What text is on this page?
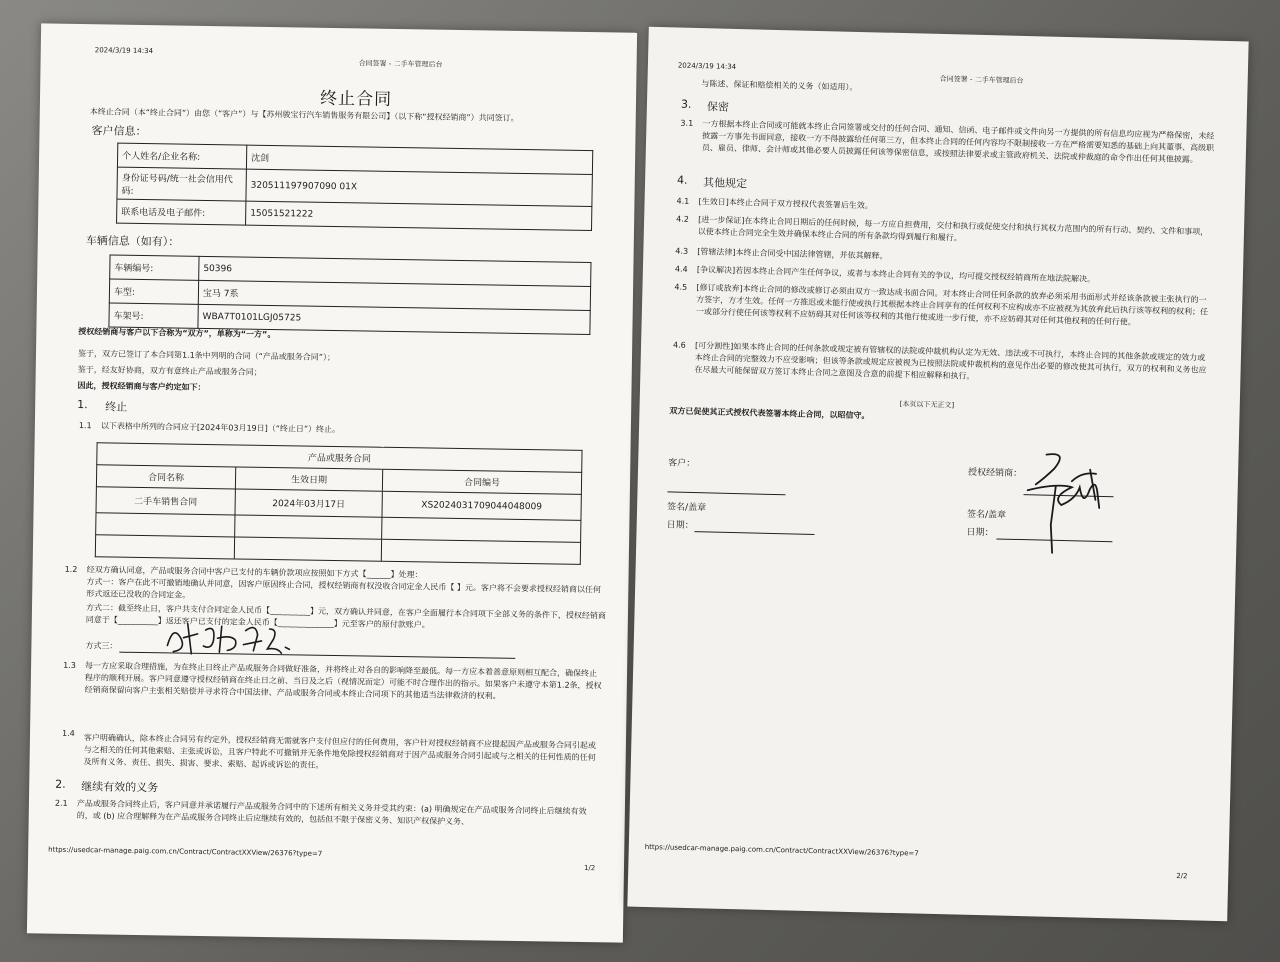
2024/3/19 14:34
合同签署 - 二手车管理后台
终止合同
本终止合同（本“终止合同”）由您（“客户”）与【苏州骏宝行汽车销售服务有限公司】（以下称“授权经销商”）共同签订。
客户信息：
个人姓名/企业名称:	沈剑
身份证号码/统一社会信用代码:	320511197907090 01X
联系电话及电子邮件:	15051521222
车辆信息（如有）：
车辆编号:	50396
车型:	宝马 7系
车架号:	WBA7T0101LGJ05725
授权经销商与客户以下合称为“双方”，单称为“一方”。
鉴于，双方已签订了本合同第1.1条中列明的合同（“产品或服务合同”）；
鉴于，经友好协商，双方有意终止产品或服务合同；
因此，授权经销商与客户约定如下：
1. 终止
1.1 以下表格中所列的合同应于[2024年03月19日]（“终止日”）终止。
产品或服务合同		
合同名称	生效日期	合同编号
二手车销售合同	2024年03月17日	XS2024031709044048009

1.2 经双方确认同意，产品或服务合同中客户已支付的车辆价款项应按照如下方式【______】处理：
方式一：客户在此不可撤销地确认并同意，因客户原因终止合同，授权经销商有权没收合同定金人民币【 】元。客户将不会要求授权经销商以任何形式返还已没收的合同定金。
方式二：截至终止日，客户共支付合同定金人民币【__________】元，双方确认并同意，在客户全面履行本合同项下全部义务的条件下，授权经销商同意于【__________】返还客户已支付的定金人民币【______________】元至客户的原付款账户。
方式三：
1.3 每一方应采取合理措施，为在终止日终止产品或服务合同做好准备，并将终止对各自的影响降至最低。每一方应本着善意原则相互配合，确保终止程序的顺利开展。客户同意遵守授权经销商在终止日之前、当日及之后（视情况而定）可能不时合理作出的指示。如果客户未遵守本第1.2条，授权经销商保留向客户主张相关赔偿并寻求符合中国法律、产品或服务合同或本终止合同项下的其他适当法律救济的权利。
1.4 客户明确确认，除本终止合同另有约定外，授权经销商无需就客户支付但应付的任何费用，客户针对授权经销商不应提起因产品或服务合同引起或与之相关的任何其他索赔、主张或诉讼，且客户特此不可撤销并无条件地免除授权经销商对于因产品或服务合同引起或与之相关的任何性质的任何及所有义务、责任、损失、损害、要求、索赔、起诉或诉讼的责任。
2. 继续有效的义务
2.1 产品或服务合同终止后，客户同意并承诺履行产品或服务合同中的下述所有相关义务并受其约束：(a) 明确规定在产品或服务合同终止后继续有效的，或 (b) 应合理解释为在产品或服务合同终止后应继续有效的，包括但不限于保密义务、知识产权保护义务、
https://usedcar-manage.paig.com.cn/Contract/ContractXXView/26376?type=7
1/2
2024/3/19 14:34
合同签署 - 二手车管理后台
与陈述、保证和赔偿相关的义务（如适用）。
3. 保密
3.1 一方根据本终止合同或可能就本终止合同签署或交付的任何合同、通知、信函、电子邮件或文件向另一方提供的所有信息均应视为严格保密，未经披露一方事先书面同意，接收一方不得披露给任何第三方，但本终止合同的任何内容均不限制接收一方在严格需要知悉的基础上向其董事、高级职员、雇员、律师、会计师或其他必要人员披露任何该等保密信息，或按照法律要求或主管政府机关、法院或仲裁庭的命令作出任何其他披露。
4. 其他规定
4.1 [生效日]本终止合同于双方授权代表签署后生效。
4.2 [进一步保证]在本终止合同日期后的任何时候，每一方应自担费用，交付和执行或促使交付和执行其权力范围内的所有行动、契约、文件和事项，以使本终止合同完全生效并确保本终止合同的所有条款均得到履行和履行。
4.3 [管辖法律]本终止合同受中国法律管辖，并依其解释。
4.4 [争议解决]若因本终止合同产生任何争议，或者与本终止合同有关的争议，均可提交授权经销商所在地法院解决。
4.5 [修订或放弃]本终止合同的修改或修订必须由双方一致达成书面合同。对本终止合同任何条款的放弃必须采用书面形式并经该条款被主张执行的一方签字，方才生效。任何一方推迟或未能行使或执行其根据本终止合同享有的任何权利不应构成亦不应被视为其放弃此后执行该等权利的权利；任一或部分行使任何该等权利不应妨碍其对任何该等权利的其他行使或进一步行使，亦不应妨碍其对任何其他权利的任何行使。
4.6 [可分割性]如果本终止合同的任何条款或规定被有管辖权的法院或仲裁机构认定为无效、违法或不可执行，本终止合同的其他条款或规定的效力或本终止合同的完整效力不应受影响；但该等条款或规定应被视为已按照法院或仲裁机构的意见作出必要的修改使其可执行，双方的权利和义务也应在尽最大可能保留双方签订本终止合同之意图及合意的前提下相应解释和执行。
[本页以下无正文]
双方已促使其正式授权代表签署本终止合同，以昭信守。
客户：
签名/盖章
日期：
授权经销商：
签名/盖章
日期：
https://usedcar-manage.paig.com.cn/Contract/ContractXXView/26376?type=7
2/2
